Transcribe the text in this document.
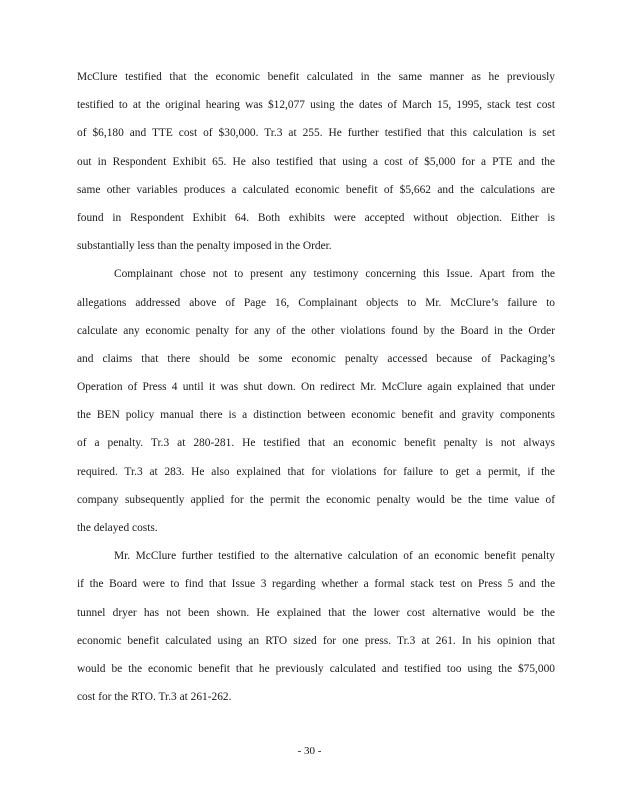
McClure testified that the economic benefit calculated in the same manner as he previously
testified to at the original hearing was $12,077 using the dates of March 15, 1995, stack test cost
of $6,180 and TTE cost of $30,000. Tr.3 at 255. He further testified that this calculation is set
out in Respondent Exhibit 65. He also testified that using a cost of $5,000 for a PTE and the
same other variables produces a calculated economic benefit of $5,662 and the calculations are
found in Respondent Exhibit 64. Both exhibits were accepted without objection. Either is
substantially less than the penalty imposed in the Order.
Complainant chose not to present any testimony concerning this Issue. Apart from the
allegations addressed above of Page 16, Complainant objects to Mr. McClure’s failure to
calculate any economic penalty for any of the other violations found by the Board in the Order
and claims that there should be some economic penalty accessed because of Packaging’s
Operation of Press 4 until it was shut down. On redirect Mr. McClure again explained that under
the BEN policy manual there is a distinction between economic benefit and gravity components
of a penalty. Tr.3 at 280-281. He testified that an economic benefit penalty is not always
required. Tr.3 at 283. He also explained that for violations for failure to get a permit, if the
company subsequently applied for the permit the economic penalty would be the time value of
the delayed costs.
Mr. McClure further testified to the alternative calculation of an economic benefit penalty
if the Board were to find that Issue 3 regarding whether a formal stack test on Press 5 and the
tunnel dryer has not been shown. He explained that the lower cost alternative would be the
economic benefit calculated using an RTO sized for one press. Tr.3 at 261. In his opinion that
would be the economic benefit that he previously calculated and testified too using the $75,000
cost for the RTO. Tr.3 at 261-262.
- 30 -
